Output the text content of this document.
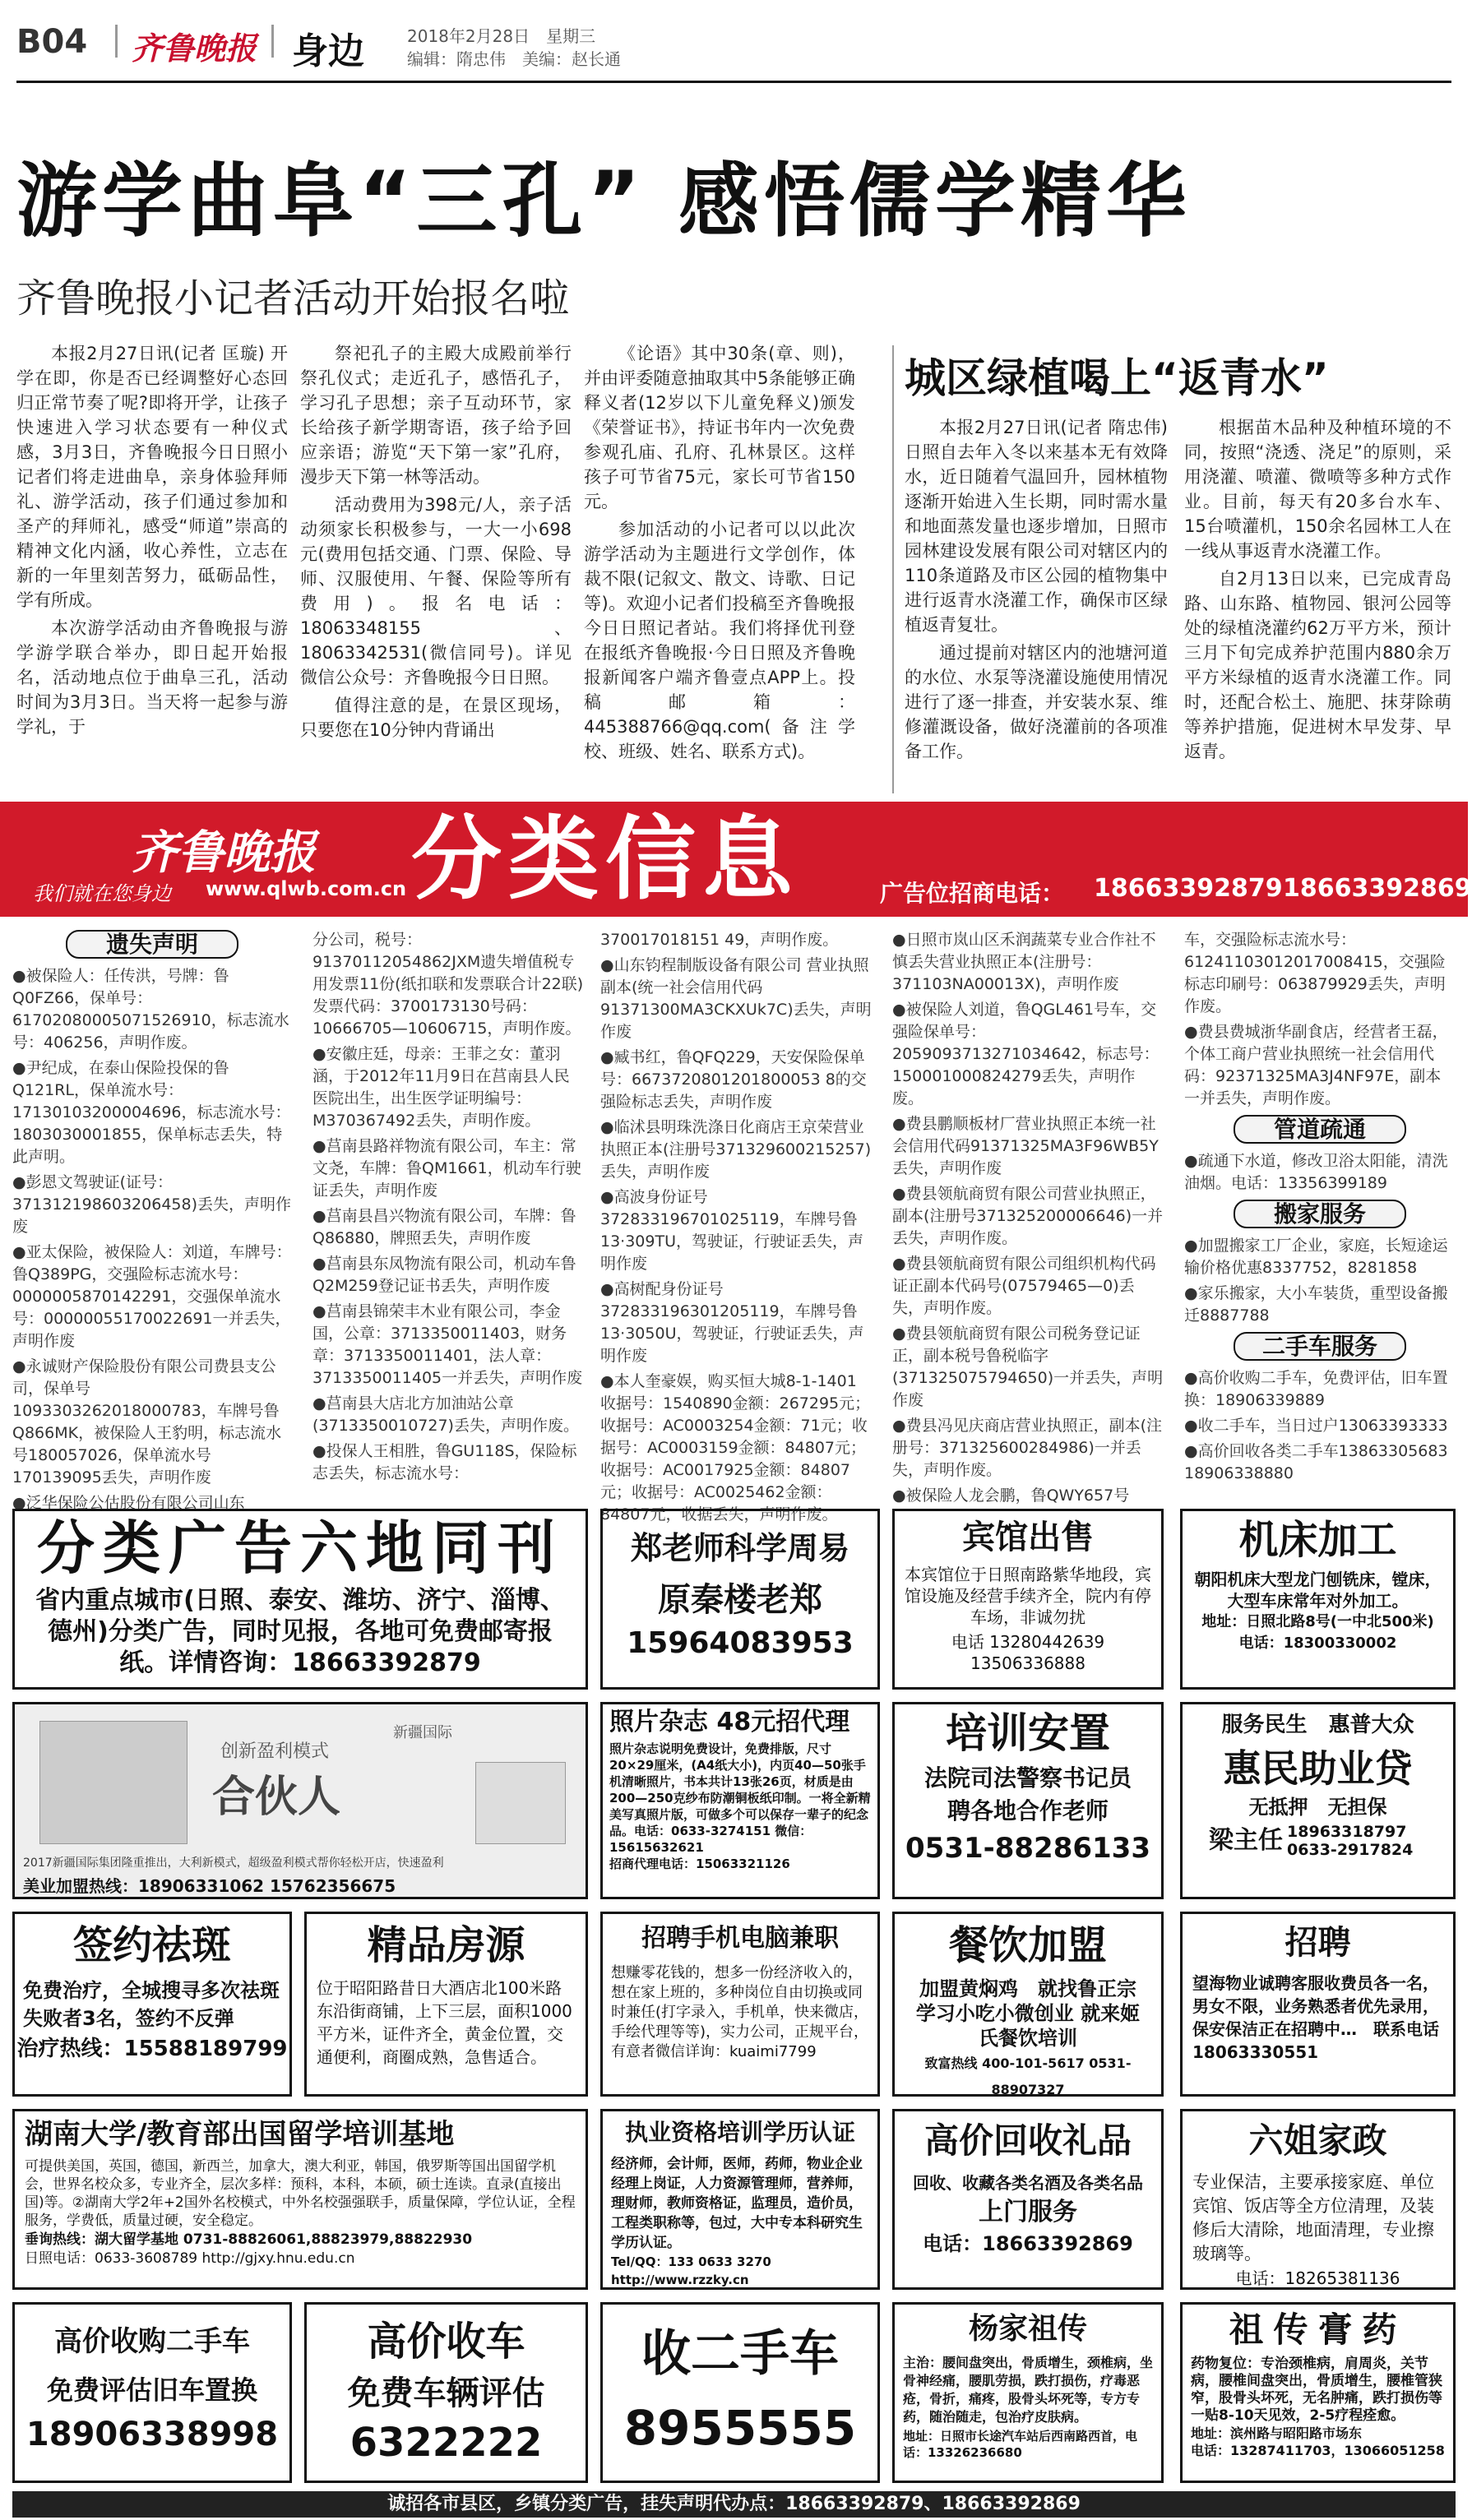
B04 齐鲁晚报 身边	2018年2月28日　星期三
编辑：隋忠伟　美编：赵长通
游学曲阜“三孔” 感悟儒学精华
齐鲁晚报小记者活动开始报名啦

本报2月27日讯(记者 匡璇) 开学在即，你是否已经调整好心态回归正常节奏了呢?即将开学，让孩子快速进入学习状态要有一种仪式感，3月3日，齐鲁晚报今日日照小记者们将走进曲阜，亲身体验拜师礼、游学活动，孩子们通过参加和圣产的拜师礼，感受“师道”崇高的精神文化内涵，收心养性，立志在新的一年里刻苦努力，砥砺品性，学有所成。

本次游学活动由齐鲁晚报与游学游学联合举办，即日起开始报名，活动地点位于曲阜三孔，活动时间为3月3日。当天将一起参与游学礼，于

祭祀孔子的主殿大成殿前举行祭孔仪式；走近孔子，感悟孔子，学习孔子思想；亲子互动环节，家长给孩子新学期寄语，孩子给予回应亲语；游览“天下第一家”孔府，漫步天下第一林等活动。

活动费用为398元/人，亲子活动须家长积极参与，一大一小698元(费用包括交通、门票、保险、导师、汉服使用、午餐、保险等所有费用)。报名电话：18063348155、18063342531(微信同号)。详见微信公众号：齐鲁晚报今日日照。

值得注意的是，在景区现场，只要您在10分钟内背诵出

《论语》其中30条(章、则)，并由评委随意抽取其中5条能够正确释义者(12岁以下儿童免释义)颁发《荣誉证书》，持证书年内一次免费参观孔庙、孔府、孔林景区。这样孩子可节省75元，家长可节省150元。

参加活动的小记者可以以此次游学活动为主题进行文学创作，体裁不限(记叙文、散文、诗歌、日记等)。欢迎小记者们投稿至齐鲁晚报今日日照记者站。我们将择优刊登在报纸齐鲁晚报·今日日照及齐鲁晚报新闻客户端齐鲁壹点APP上。投稿邮箱：445388766@qq.com(备注学校、班级、姓名、联系方式)。

城区绿植喝上“返青水”

本报2月27日讯(记者 隋忠伟) 日照自去年入冬以来基本无有效降水，近日随着气温回升，园林植物逐渐开始进入生长期，同时需水量和地面蒸发量也逐步增加，日照市园林建设发展有限公司对辖区内的110条道路及市区公园的植物集中进行返青水浇灌工作，确保市区绿植返青复壮。

通过提前对辖区内的池塘河道的水位、水泵等浇灌设施使用情况进行了逐一排查，并安装水泵、维修灌溉设备，做好浇灌前的各项准备工作。

根据苗木品种及种植环境的不同，按照“浇透、浇足”的原则，采用浇灌、喷灌、微喷等多种方式作业。目前，每天有20多台水车、15台喷灌机，150余名园林工人在一线从事返青水浇灌工作。

自2月13日以来，已完成青岛路、山东路、植物园、银河公园等处的绿植浇灌约62万平方米，预计三月下旬完成养护范围内880余万平方米绿植的返青水浇灌工作。同时，还配合松土、施肥、抹芽除萌等养护措施，促进树木早发芽、早返青。

齐鲁晚报
我们就在您身边 www.qlwb.com.cn 分类信息	广告位招商电话： 18663392879 18663392869
遗失声明
●被保险人：任传洪，号牌：鲁Q0FZ66，保单号：61702080005071526910，标志流水号：406256，声明作废。
●尹纪成，在泰山保险投保的鲁Q121RL，保单流水号：17130103200004696，标志流水号：1803030001855，保单标志丢失，特此声明。
●彭恩文驾驶证(证号：371312198603206458)丢失，声明作废
●亚太保险，被保险人：刘道，车牌号：鲁Q389PG，交强险标志流水号：0000005870142291，交强保单流水号：00000055170022691一并丢失，声明作废
●永诚财产保险股份有限公司费县支公司，保单号1093303262018000783，车牌号鲁Q866MK，被保险人王豹明，标志流水号180057026，保单流水号170139095丢失，声明作废
●泛华保险公估股份有限公司山东
分公司，税号：91370112054862JXM遗失增值税专用发票11份(纸扣联和发票联合计22联)发票代码：3700173130号码：10666705—10606715，声明作废。
●安徽庄廷，母亲：王菲之女：董羽涵，于2012年11月9日在莒南县人民医院出生，出生医学证明编号：M370367492丢失，声明作废。
●莒南县路祥物流有限公司，车主：常文尧，车牌：鲁QM1661，机动车行驶证丢失，声明作废
●莒南县昌兴物流有限公司，车牌：鲁Q86880，牌照丢失，声明作废
●莒南县东凤物流有限公司，机动车鲁Q2M259登记证书丢失，声明作废
●莒南县锦荣丰木业有限公司，李金国，公章：3713350011403，财务章：3713350011401，法人章：3713350011405一并丢失，声明作废
●莒南县大店北方加油站公章(3713350010727)丢失，声明作废。
●投保人王相胜，鲁GU118S，保险标志丢失，标志流水号：
370017018151 49，声明作废。
●山东钧程制版设备有限公司 营业执照副本(统一社会信用代码91371300MA3CKXUk7C)丢失，声明作废
●臧书红，鲁QFQ229，天安保险保单号：6673720801201800053 8的交强险标志丢失，声明作废
●临沭县明珠洗涤日化商店王京荣营业执照正本(注册号371329600215257)丢失，声明作废
●高波身份证号372833196701025119，车牌号鲁13·309TU，驾驶证，行驶证丢失，声明作废
●高树配身份证号372833196301205119，车牌号鲁13·3050U，驾驶证，行驶证丢失，声明作废
●本人奎豪娱，购买恒大城8-1-1401收据号：1540890金额：267295元；收据号：AC0003254金额：71元；收据号：AC0003159金额：84807元；收据号：AC0017925金额：84807元；收据号：AC0025462金额：84807元，收据丢失，声明作废。
●日照市岚山区禾润蔬菜专业合作社不慎丢失营业执照正本(注册号：371103NA00013X)，声明作废
●被保险人刘道，鲁QGL461号车，交强险保单号：2059093713271034642，标志号：150001000824279丢失，声明作废。
●费县鹏顺板材厂营业执照正本统一社会信用代码91371325MA3F96WB5Y丢失，声明作废
●费县领航商贸有限公司营业执照正，副本(注册号371325200006646)一并丢失，声明作废。
●费县领航商贸有限公司组织机构代码证正副本代码号(07579465—0)丢失，声明作废。
●费县领航商贸有限公司税务登记证正，副本税号鲁税临字(371325075794650)一并丢失，声明作废
●费县冯见庆商店营业执照正，副本(注册号：371325600284986)一并丢失，声明作废。
●被保险人龙会鹏，鲁QWY657号
车，交强险标志流水号：61241103012017008415，交强险标志印刷号：063879929丢失，声明作废。
●费县费城浙华副食店，经营者王磊，个体工商户营业执照统一社会信用代码：92371325MA3J4NF97E，副本一并丢失，声明作废。
管道疏通
●疏通下水道，修改卫浴太阳能，清洗油烟。电话：13356399189
搬家服务
●加盟搬家工厂企业，家庭，长短途运输价格优惠8337752，8281858
●家乐搬家，大小车装货，重型设备搬迁8887788
二手车服务
●高价收购二手车，免费评估，旧车置换：18906339889
●收二手车，当日过户13063393333
●高价回收各类二手车13863305683 18906338880
分类广告六地同刊
省内重点城市(日照、泰安、潍坊、济宁、淄博、德州)分类广告，同时见报，各地可免费邮寄报纸。详情咨询：18663392879
郑老师科学周易
原秦楼老郑
15964083953
宾馆出售
本宾馆位于日照南路紫华地段，宾馆设施及经营手续齐全，院内有停车场，非诚勿扰
电话 13280442639 13506336888
机床加工
朝阳机床大型龙门刨铣床，镗床，大型车床常年对外加工。
地址：日照北路8号(一中北500米)
电话：18300330002
创新盈利模式
新疆国际
合伙人
2017新疆国际集团隆重推出，大利新模式，超级盈利模式帮你轻松开店，快速盈利
美业加盟热线：18906331062 15762356675
照片杂志 48元招代理
照片杂志说明免费设计，免费排版，尺寸20×29厘米，(A4纸大小)，内页40—50张手机清晰照片，书本共计13张26页，材质是由200—250克纱布防潮铜板纸印制。一将全新精美写真照片版，可做多个可以保存一辈子的纪念品。电话：0633-3274151 微信：15615632621
招商代理电话：15063321126
培训安置
法院司法警察书记员
聘各地合作老师
0531-88286133
服务民生　惠普大众
惠民助业贷
无抵押　无担保
梁主任 18963318797 0633-2917824
签约祛斑
免费治疗，全城搜寻多次祛斑失败者3名，签约不反弹
治疗热线：15588189799
精品房源
位于昭阳路昔日大酒店北100米路东沿街商铺，上下三层，面积1000平方米，证件齐全，黄金位置，交通便利，商圈成熟，急售适合。
招聘手机电脑兼职
想赚零花钱的，想多一份经济收入的，想在家上班的，多种岗位自由切换或同时兼任(打字录入，手机单，快来微店，手绘代理等等)，实力公司，正规平台，有意者微信详询：kuaimi7799
餐饮加盟
加盟黄焖鸡　就找鲁正宗 学习小吃小微创业 就来姬氏餐饮培训
致富热线 400-101-5617 0531-88907327
招聘
望海物业诚聘客服收费员各一名，男女不限，业务熟悉者优先录用，保安保洁正在招聘中…　联系电话 18063330551
湖南大学/教育部出国留学培训基地
可提供美国，英国，德国，新西兰，加拿大，澳大利亚，韩国，俄罗斯等国出国留学机会，世界名校众多，专业齐全，层次多样：预科，本科，本硕，硕士连读。直录(直接出国)等。②湖南大学2年+2国外名校模式，中外名校强强联手，质量保障，学位认证，全程服务，学费低，质量过硬，安全稳定。
垂询热线：湖大留学基地 0731-88826061,88823979,88822930
日照电话：0633-3608789 http://gjxy.hnu.edu.cn
执业资格培训学历认证
经济师，会计师，医师，药师，物业企业经理上岗证，人力资源管理师，营养师，理财师，教师资格证，监理员，造价员，工程类职称等，包过，大中专本科研究生学历认证。
Tel/QQ：133 0633 3270 http://www.rzzky.cn
高价回收礼品
回收、收藏各类名酒及各类名品
上门服务
电话：18663392869
六姐家政
专业保洁，主要承接家庭、单位宾馆、饭店等全方位清理，及装修后大清除，地面清理，专业擦玻璃等。
电话：18265381136
高价收购二手车
免费评估旧车置换
18906338998
高价收车
免费车辆评估
6322222
收二手车
8955555
杨家祖传
主治：腰间盘突出，骨质增生，颈椎病，坐骨神经痛，腰肌劳损，跌打损伤，疗毒恶疮，骨折，痛疼，股骨头坏死等，专方专药，随治随走，包治疗皮肤病。
地址：日照市长途汽车站后西南路西首，电话：13326236680
祖传膏药
药物复位：专治颈椎病，肩周炎，关节病，腰椎间盘突出，骨质增生，腰椎管狭窄，股骨头坏死，无名肿痛，跌打损伤等一贴8-10天见效，2-5疗程痊愈。
地址：滨州路与昭阳路市场东
电话：13287411703，13066051258
诚招各市县区，乡镇分类广告，挂失声明代办点：18663392879、18663392869
